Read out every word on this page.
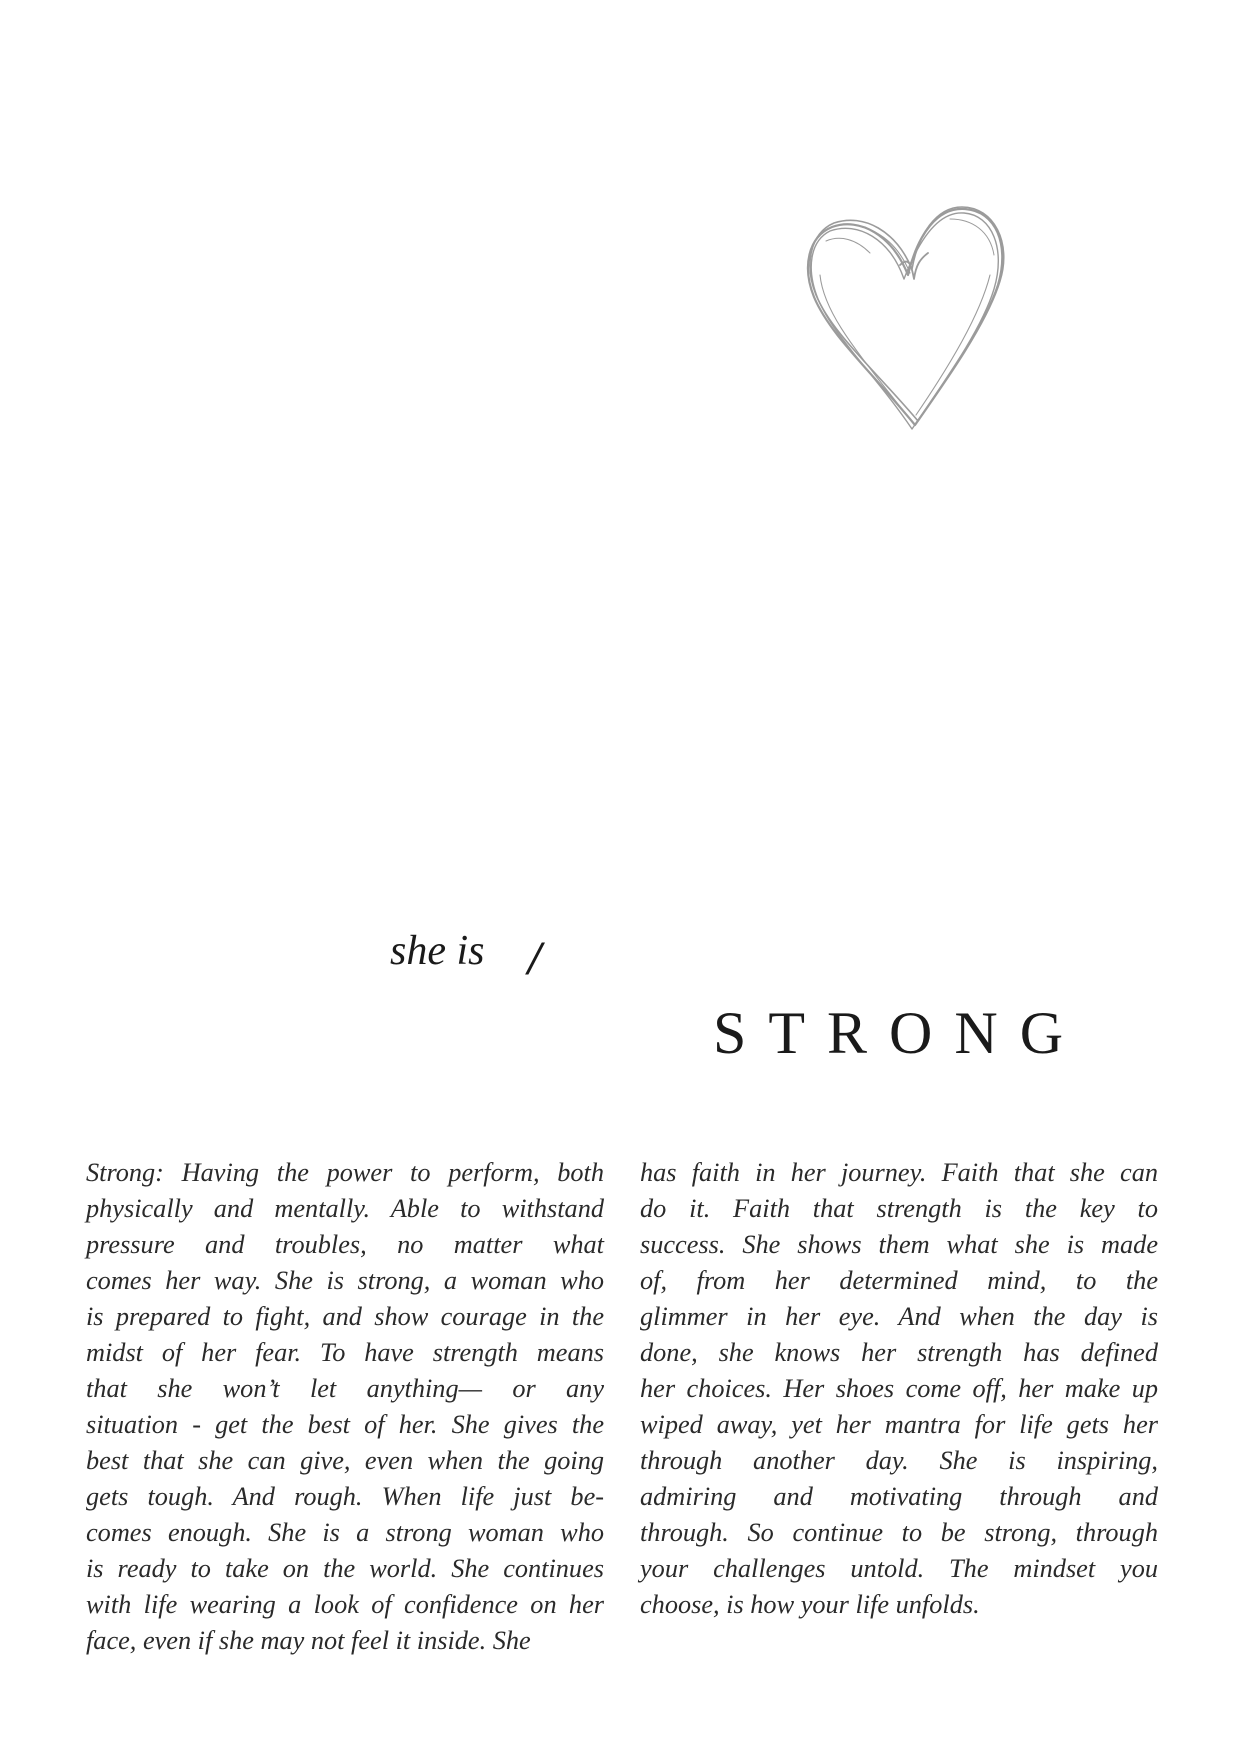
she is /
STRONG
Strong: Having the power to perform, both
physically and mentally. Able to withstand
pressure and troubles, no matter what
comes her way. She is strong, a woman who
is prepared to fight, and show courage in the
midst of her fear. To have strength means
that she won’t let anything— or any
situation - get the best of her. She gives the
best that she can give, even when the going
gets tough. And rough. When life just be-
comes enough. She is a strong woman who
is ready to take on the world. She continues
with life wearing a look of confidence on her
face, even if she may not feel it inside. She
has faith in her journey. Faith that she can
do it. Faith that strength is the key to
success. She shows them what she is made
of, from her determined mind, to the
glimmer in her eye. And when the day is
done, she knows her strength has defined
her choices. Her shoes come off, her make up
wiped away, yet her mantra for life gets her
through another day. She is inspiring,
admiring and motivating through and
through. So continue to be strong, through
your challenges untold. The mindset you
choose, is how your life unfolds.
